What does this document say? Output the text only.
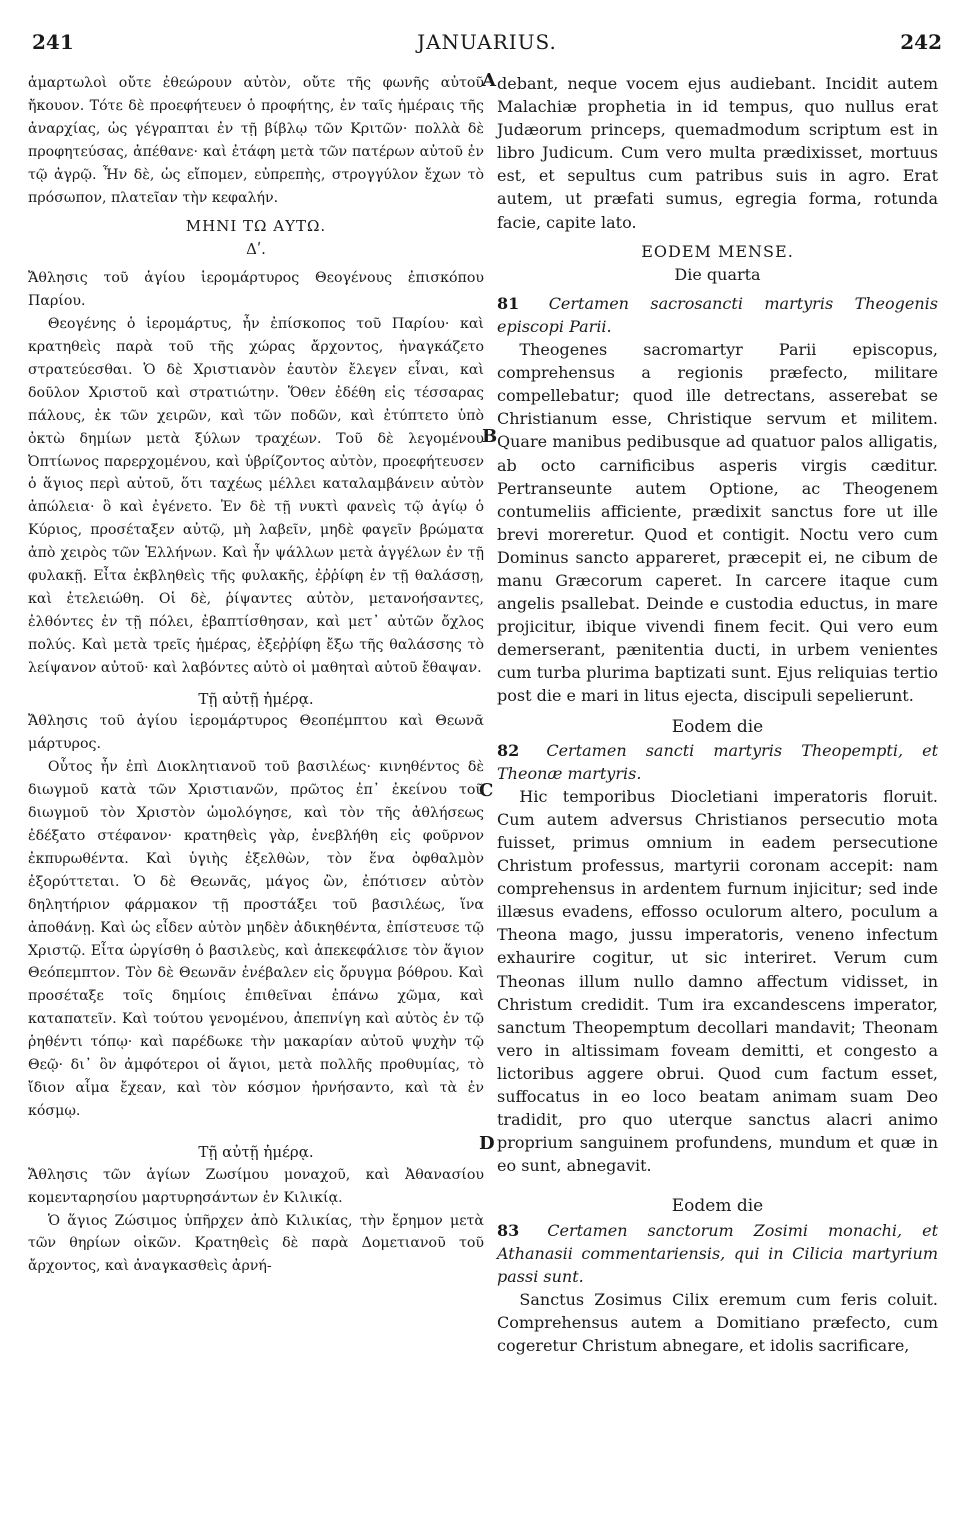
241	JANUARIUS.	242

ἁμαρτωλοὶ οὔτε ἐθεώρουν αὐτὸν, οὔτε τῆς φωνῆς αὐτοῦ ἤκουον. Τότε δὲ προεφήτευεν ὁ προφήτης, ἐν ταῖς ἡμέραις τῆς ἀναρχίας, ὡς γέγραπται ἐν τῇ βίβλῳ τῶν Κριτῶν· πολλὰ δὲ προφητεύσας, ἀπέθανε· καὶ ἐτάφη μετὰ τῶν πατέρων αὐτοῦ ἐν τῷ ἀγρῷ. Ἦν δὲ, ὡς εἴπομεν, εὐπρεπὴς, στρογγύλον ἔχων τὸ πρόσωπον, πλατεῖαν τὴν κεφαλήν.

ΜΗΝΙ ΤΩ ΑΥΤΩ.
Δʹ.

Ἄθλησις τοῦ ἁγίου ἱερομάρτυρος Θεογένους ἐπισκόπου Παρίου.

Θεογένης ὁ ἱερομάρτυς, ἦν ἐπίσκοπος τοῦ Παρίου· καὶ κρατηθεὶς παρὰ τοῦ τῆς χώρας ἄρχοντος, ἠναγκάζετο στρατεύεσθαι. Ὁ δὲ Χριστιανὸν ἑαυτὸν ἔλεγεν εἶναι, καὶ δοῦλον Χριστοῦ καὶ στρατιώτην. Ὅθεν ἐδέθη εἰς τέσσαρας πάλους, ἐκ τῶν χειρῶν, καὶ τῶν ποδῶν, καὶ ἐτύπτετο ὑπὸ ὀκτὼ δημίων μετὰ ξύλων τραχέων. Τοῦ δὲ λεγομένου Ὀπτίωνος παρερχομένου, καὶ ὑβρίζοντος αὐτὸν, προεφήτευσεν ὁ ἅγιος περὶ αὐτοῦ, ὅτι ταχέως μέλλει καταλαμβάνειν αὐτὸν ἀπώλεια· ὃ καὶ ἐγένετο. Ἐν δὲ τῇ νυκτὶ φανεὶς τῷ ἁγίῳ ὁ Κύριος, προσέταξεν αὐτῷ, μὴ λαβεῖν, μηδὲ φαγεῖν βρώματα ἀπὸ χειρὸς τῶν Ἑλλήνων. Καὶ ἦν ψάλλων μετὰ ἀγγέλων ἐν τῇ φυλακῇ. Εἶτα ἐκβληθεὶς τῆς φυλακῆς, ἐῤῥίφη ἐν τῇ θαλάσσῃ, καὶ ἐτελειώθη. Οἱ δὲ, ῥίψαντες αὐτὸν, μετανοήσαντες, ἐλθόντες ἐν τῇ πόλει, ἐβαπτίσθησαν, καὶ μετ᾽ αὐτῶν ὄχλος πολύς. Καὶ μετὰ τρεῖς ἡμέρας, ἐξεῤῥίφη ἔξω τῆς θαλάσσης τὸ λείψανον αὐτοῦ· καὶ λαβόντες αὐτὸ οἱ μαθηταὶ αὐτοῦ ἔθαψαν.

Τῇ αὐτῇ ἡμέρᾳ.

Ἄθλησις τοῦ ἁγίου ἱερομάρτυρος Θεοπέμπτου καὶ Θεωνᾶ μάρτυρος.

Οὗτος ἦν ἐπὶ Διοκλητιανοῦ τοῦ βασιλέως· κινηθέντος δὲ διωγμοῦ κατὰ τῶν Χριστιανῶν, πρῶτος ἐπ᾽ ἐκείνου τοῦ διωγμοῦ τὸν Χριστὸν ὡμολόγησε, καὶ τὸν τῆς ἀθλήσεως ἐδέξατο στέφανον· κρατηθεὶς γὰρ, ἐνεβλήθη εἰς φοῦρνον ἐκπυρωθέντα. Καὶ ὑγιὴς ἐξελθὼν, τὸν ἕνα ὀφθαλμὸν ἐξορύττεται. Ὁ δὲ Θεωνᾶς, μάγος ὢν, ἐπότισεν αὐτὸν δηλητήριον φάρμακον τῇ προστάξει τοῦ βασιλέως, ἵνα ἀποθάνῃ. Καὶ ὡς εἶδεν αὐτὸν μηδὲν ἀδικηθέντα, ἐπίστευσε τῷ Χριστῷ. Εἶτα ὠργίσθη ὁ βασιλεὺς, καὶ ἀπεκεφάλισε τὸν ἅγιον Θεόπεμπτον. Τὸν δὲ Θεωνᾶν ἐνέβαλεν εἰς ὄρυγμα βόθρου. Καὶ προσέταξε τοῖς δημίοις ἐπιθεῖναι ἐπάνω χῶμα, καὶ καταπατεῖν. Καὶ τούτου γενομένου, ἀπεπνίγη καὶ αὐτὸς ἐν τῷ ῥηθέντι τόπῳ· καὶ παρέδωκε τὴν μακαρίαν αὐτοῦ ψυχὴν τῷ Θεῷ· δι᾽ ὃν ἀμφότεροι οἱ ἅγιοι, μετὰ πολλῆς προθυμίας, τὸ ἴδιον αἷμα ἔχεαν, καὶ τὸν κόσμον ἠρνήσαντο, καὶ τὰ ἐν κόσμῳ.

Τῇ αὐτῇ ἡμέρᾳ.

Ἄθλησις τῶν ἁγίων Ζωσίμου μοναχοῦ, καὶ Ἀθανασίου κομενταρησίου μαρτυρησάντων ἐν Κιλικίᾳ.

Ὁ ἅγιος Ζώσιμος ὑπῆρχεν ἀπὸ Κιλικίας, τὴν ἔρημον μετὰ τῶν θηρίων οἰκῶν. Κρατηθεὶς δὲ παρὰ Δομετιανοῦ τοῦ ἄρχοντος, καὶ ἀναγκασθεὶς ἀρνή-

A
B
C
D

debant, neque vocem ejus audiebant. Incidit autem Malachiæ prophetia in id tempus, quo nullus erat Judæorum princeps, quemadmodum scriptum est in libro Judicum. Cum vero multa prædixisset, mortuus est, et sepultus cum patribus suis in agro. Erat autem, ut præfati sumus, egregia forma, rotunda facie, capite lato.

EODEM MENSE.
Die quarta

81 Certamen sacrosancti martyris Theogenis episcopi Parii.

Theogenes sacromartyr Parii episcopus, comprehensus a regionis præfecto, militare compellebatur; quod ille detrectans, asserebat se Christianum esse, Christique servum et militem. Quare manibus pedibusque ad quatuor palos alligatis, ab octo carnificibus asperis virgis cæditur. Pertranseunte autem Optione, ac Theogenem contumeliis afficiente, prædixit sanctus fore ut ille brevi moreretur. Quod et contigit. Noctu vero cum Dominus sancto appareret, præcepit ei, ne cibum de manu Græcorum caperet. In carcere itaque cum angelis psallebat. Deinde e custodia eductus, in mare projicitur, ibique vivendi finem fecit. Qui vero eum demerserant, pænitentia ducti, in urbem venientes cum turba plurima baptizati sunt. Ejus reliquias tertio post die e mari in litus ejecta, discipuli sepelierunt.

Eodem die

82 Certamen sancti martyris Theopempti, et Theonæ martyris.

Hic temporibus Diocletiani imperatoris floruit. Cum autem adversus Christianos persecutio mota fuisset, primus omnium in eadem persecutione Christum professus, martyrii coronam accepit: nam comprehensus in ardentem furnum injicitur; sed inde illæsus evadens, effosso oculorum altero, poculum a Theona mago, jussu imperatoris, veneno infectum exhaurire cogitur, ut sic interiret. Verum cum Theonas illum nullo damno affectum vidisset, in Christum credidit. Tum ira excandescens imperator, sanctum Theopemptum decollari mandavit; Theonam vero in altissimam foveam demitti, et congesto a lictoribus aggere obrui. Quod cum factum esset, suffocatus in eo loco beatam animam suam Deo tradidit, pro quo uterque sanctus alacri animo proprium sanguinem profundens, mundum et quæ in eo sunt, abnegavit.

Eodem die

83 Certamen sanctorum Zosimi monachi, et Athanasii commentariensis, qui in Cilicia martyrium passi sunt.

Sanctus Zosimus Cilix eremum cum feris coluit. Comprehensus autem a Domitiano præfecto, cum cogeretur Christum abnegare, et idolis sacrificare,
